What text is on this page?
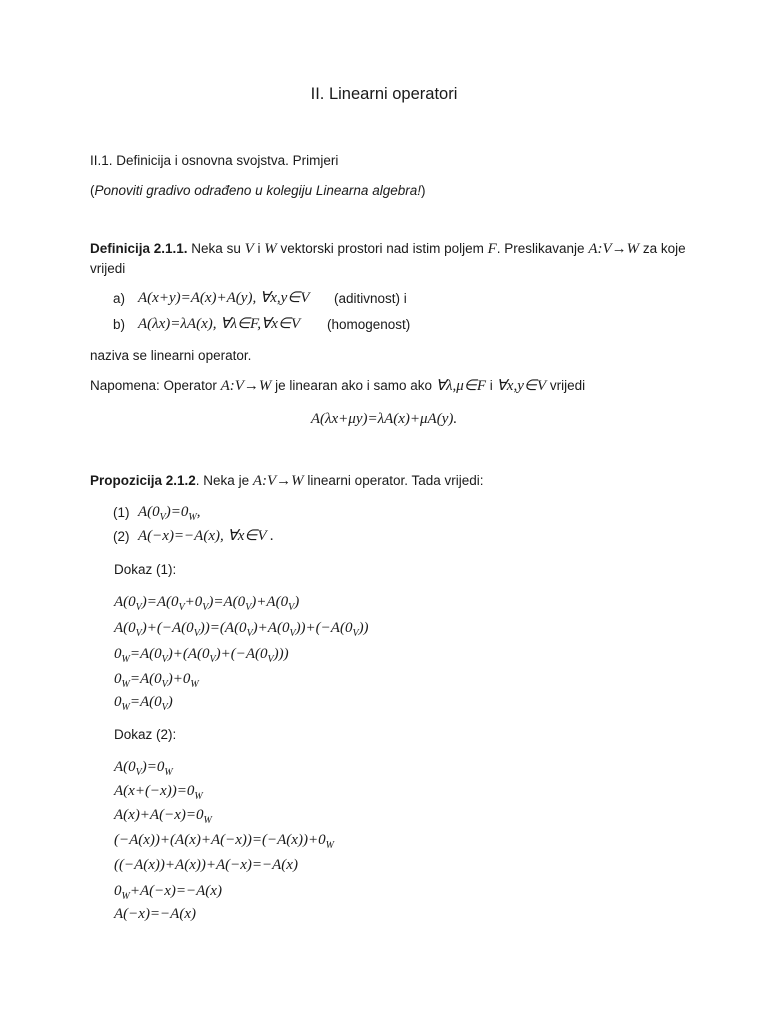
II. Linearni operatori
II.1. Definicija i osnovna svojstva. Primjeri
(Ponoviti gradivo odrađeno u kolegiju Linearna algebra!)
Definicija 2.1.1. Neka su V i W vektorski prostori nad istim poljem F. Preslikavanje A:V→W za koje
vrijedi
a) A(x+y)=A(x)+A(y), ∀x,y∈V (aditivnost) i
b) A(λx)=λA(x), ∀λ∈F,∀x∈V (homogenost)
naziva se linearni operator.
Napomena: Operator A:V→W je linearan ako i samo ako ∀λ,μ∈F i ∀x,y∈V vrijedi
A(λx+μy)=λA(x)+μA(y).
Propozicija 2.1.2. Neka je A:V→W linearni operator. Tada vrijedi:
(1) $A(0_V)=0_W$,
(2) A(−x)=−A(x), ∀x∈V .
Dokaz (1):
$A(0_V)=A(0_V+0_V)=A(0_V)+A(0_V)$
$A(0_V)+(-A(0_V))=(A(0_V)+A(0_V))+(-A(0_V))$
$0_W=A(0_V)+(A(0_V)+(-A(0_V)))$
$0_W=A(0_V)+0_W$
$0_W=A(0_V)$
Dokaz (2):
$A(0_V)=0_W$
$A(x+(-x))=0_W$
$A(x)+A(-x)=0_W$
$(-A(x))+(A(x)+A(-x))=(-A(x))+0_W$
((−A(x))+A(x))+A(−x)=−A(x)
$0_W+A(-x)=-A(x)$
A(−x)=−A(x)
